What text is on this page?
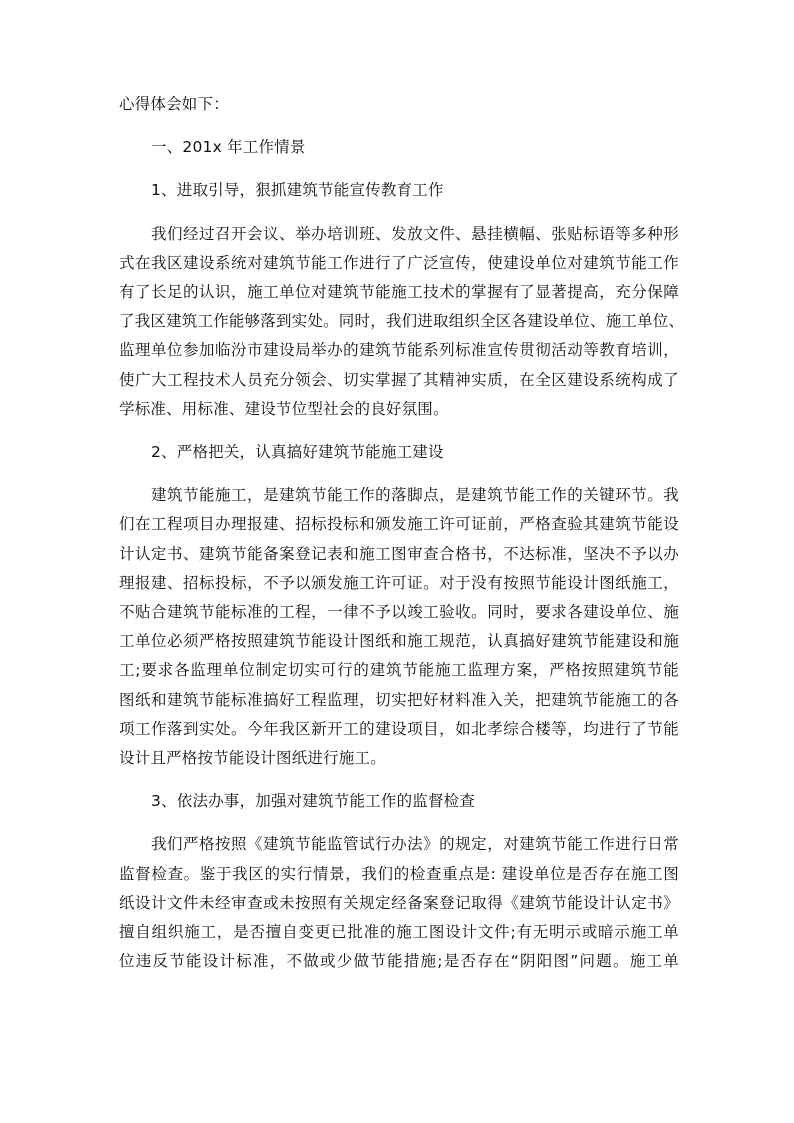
心得体会如下：
一、201x 年工作情景
1、进取引导，狠抓建筑节能宣传教育工作
我们经过召开会议、举办培训班、发放文件、悬挂横幅、张贴标语等多种形
式在我区建设系统对建筑节能工作进行了广泛宣传，使建设单位对建筑节能工作
有了长足的认识，施工单位对建筑节能施工技术的掌握有了显著提高，充分保障
了我区建筑工作能够落到实处。同时，我们进取组织全区各建设单位、施工单位、
监理单位参加临汾市建设局举办的建筑节能系列标准宣传贯彻活动等教育培训，
使广大工程技术人员充分领会、切实掌握了其精神实质，在全区建设系统构成了
学标准、用标准、建设节位型社会的良好氛围。
2、严格把关，认真搞好建筑节能施工建设
建筑节能施工，是建筑节能工作的落脚点，是建筑节能工作的关键环节。我
们在工程项目办理报建、招标投标和颁发施工许可证前，严格查验其建筑节能设
计认定书、建筑节能备案登记表和施工图审查合格书，不达标准，坚决不予以办
理报建、招标投标，不予以颁发施工许可证。对于没有按照节能设计图纸施工，
不贴合建筑节能标准的工程，一律不予以竣工验收。同时，要求各建设单位、施
工单位必须严格按照建筑节能设计图纸和施工规范，认真搞好建筑节能建设和施
工;要求各监理单位制定切实可行的建筑节能施工监理方案，严格按照建筑节能
图纸和建筑节能标准搞好工程监理，切实把好材料准入关，把建筑节能施工的各
项工作落到实处。今年我区新开工的建设项目，如北孝综合楼等，均进行了节能
设计且严格按节能设计图纸进行施工。
3、依法办事，加强对建筑节能工作的监督检查
我们严格按照《建筑节能监管试行办法》的规定，对建筑节能工作进行日常
监督检查。鉴于我区的实行情景，我们的检查重点是: 建设单位是否存在施工图
纸设计文件未经审查或未按照有关规定经备案登记取得《建筑节能设计认定书》
擅自组织施工，是否擅自变更已批准的施工图设计文件;有无明示或暗示施工单
位违反节能设计标准，不做或少做节能措施;是否存在“阴阳图”问题。施工单
